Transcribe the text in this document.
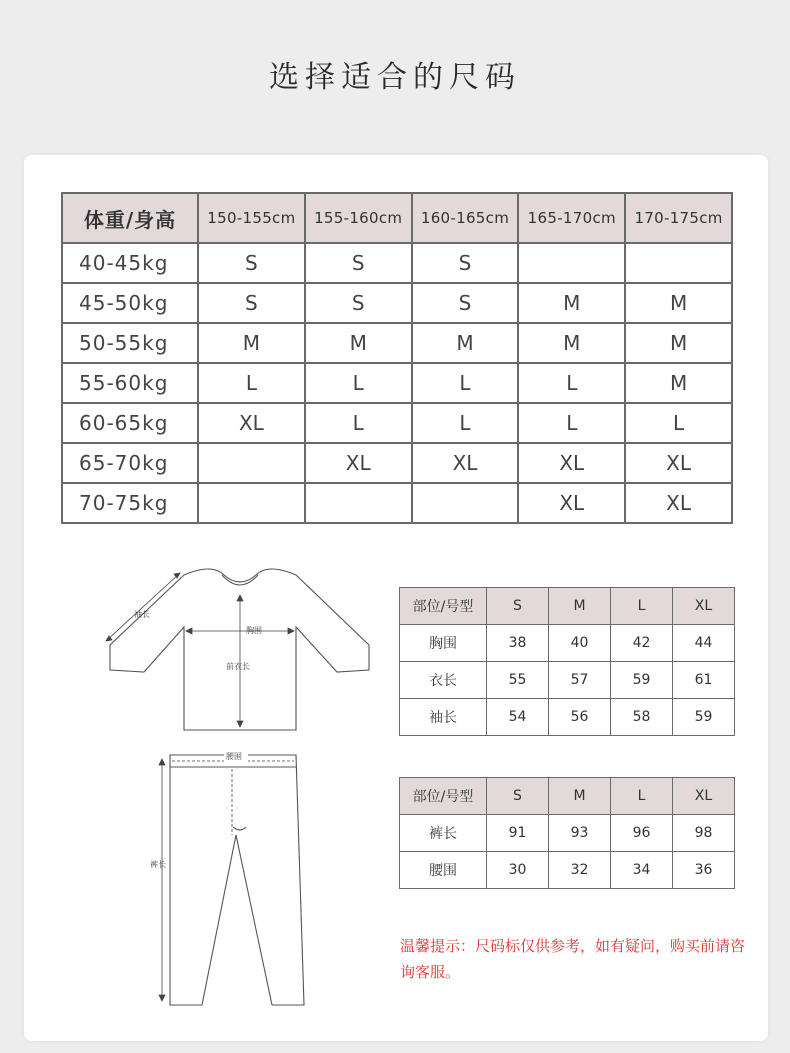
选择适合的尺码
体重/身高	150-155cm	155-160cm	160-165cm	165-170cm	170-175cm
40-45kg	S	S	S		
45-50kg	S	S	S	M	M
50-55kg	M	M	M	M	M
55-60kg	L	L	L	L	M
60-65kg	XL	L	L	L	L
65-70kg		XL	XL	XL	XL
70-75kg				XL	XL
袖长
胸围
前衣长
腰围
裤长
部位/号型	S	M	L	XL
胸围	38	40	42	44
衣长	55	57	59	61
袖长	54	56	58	59
部位/号型	S	M	L	XL
裤长	91	93	96	98
腰围	30	32	34	36
温馨提示：尺码标仅供参考，如有疑问，购买前请咨询客服。
